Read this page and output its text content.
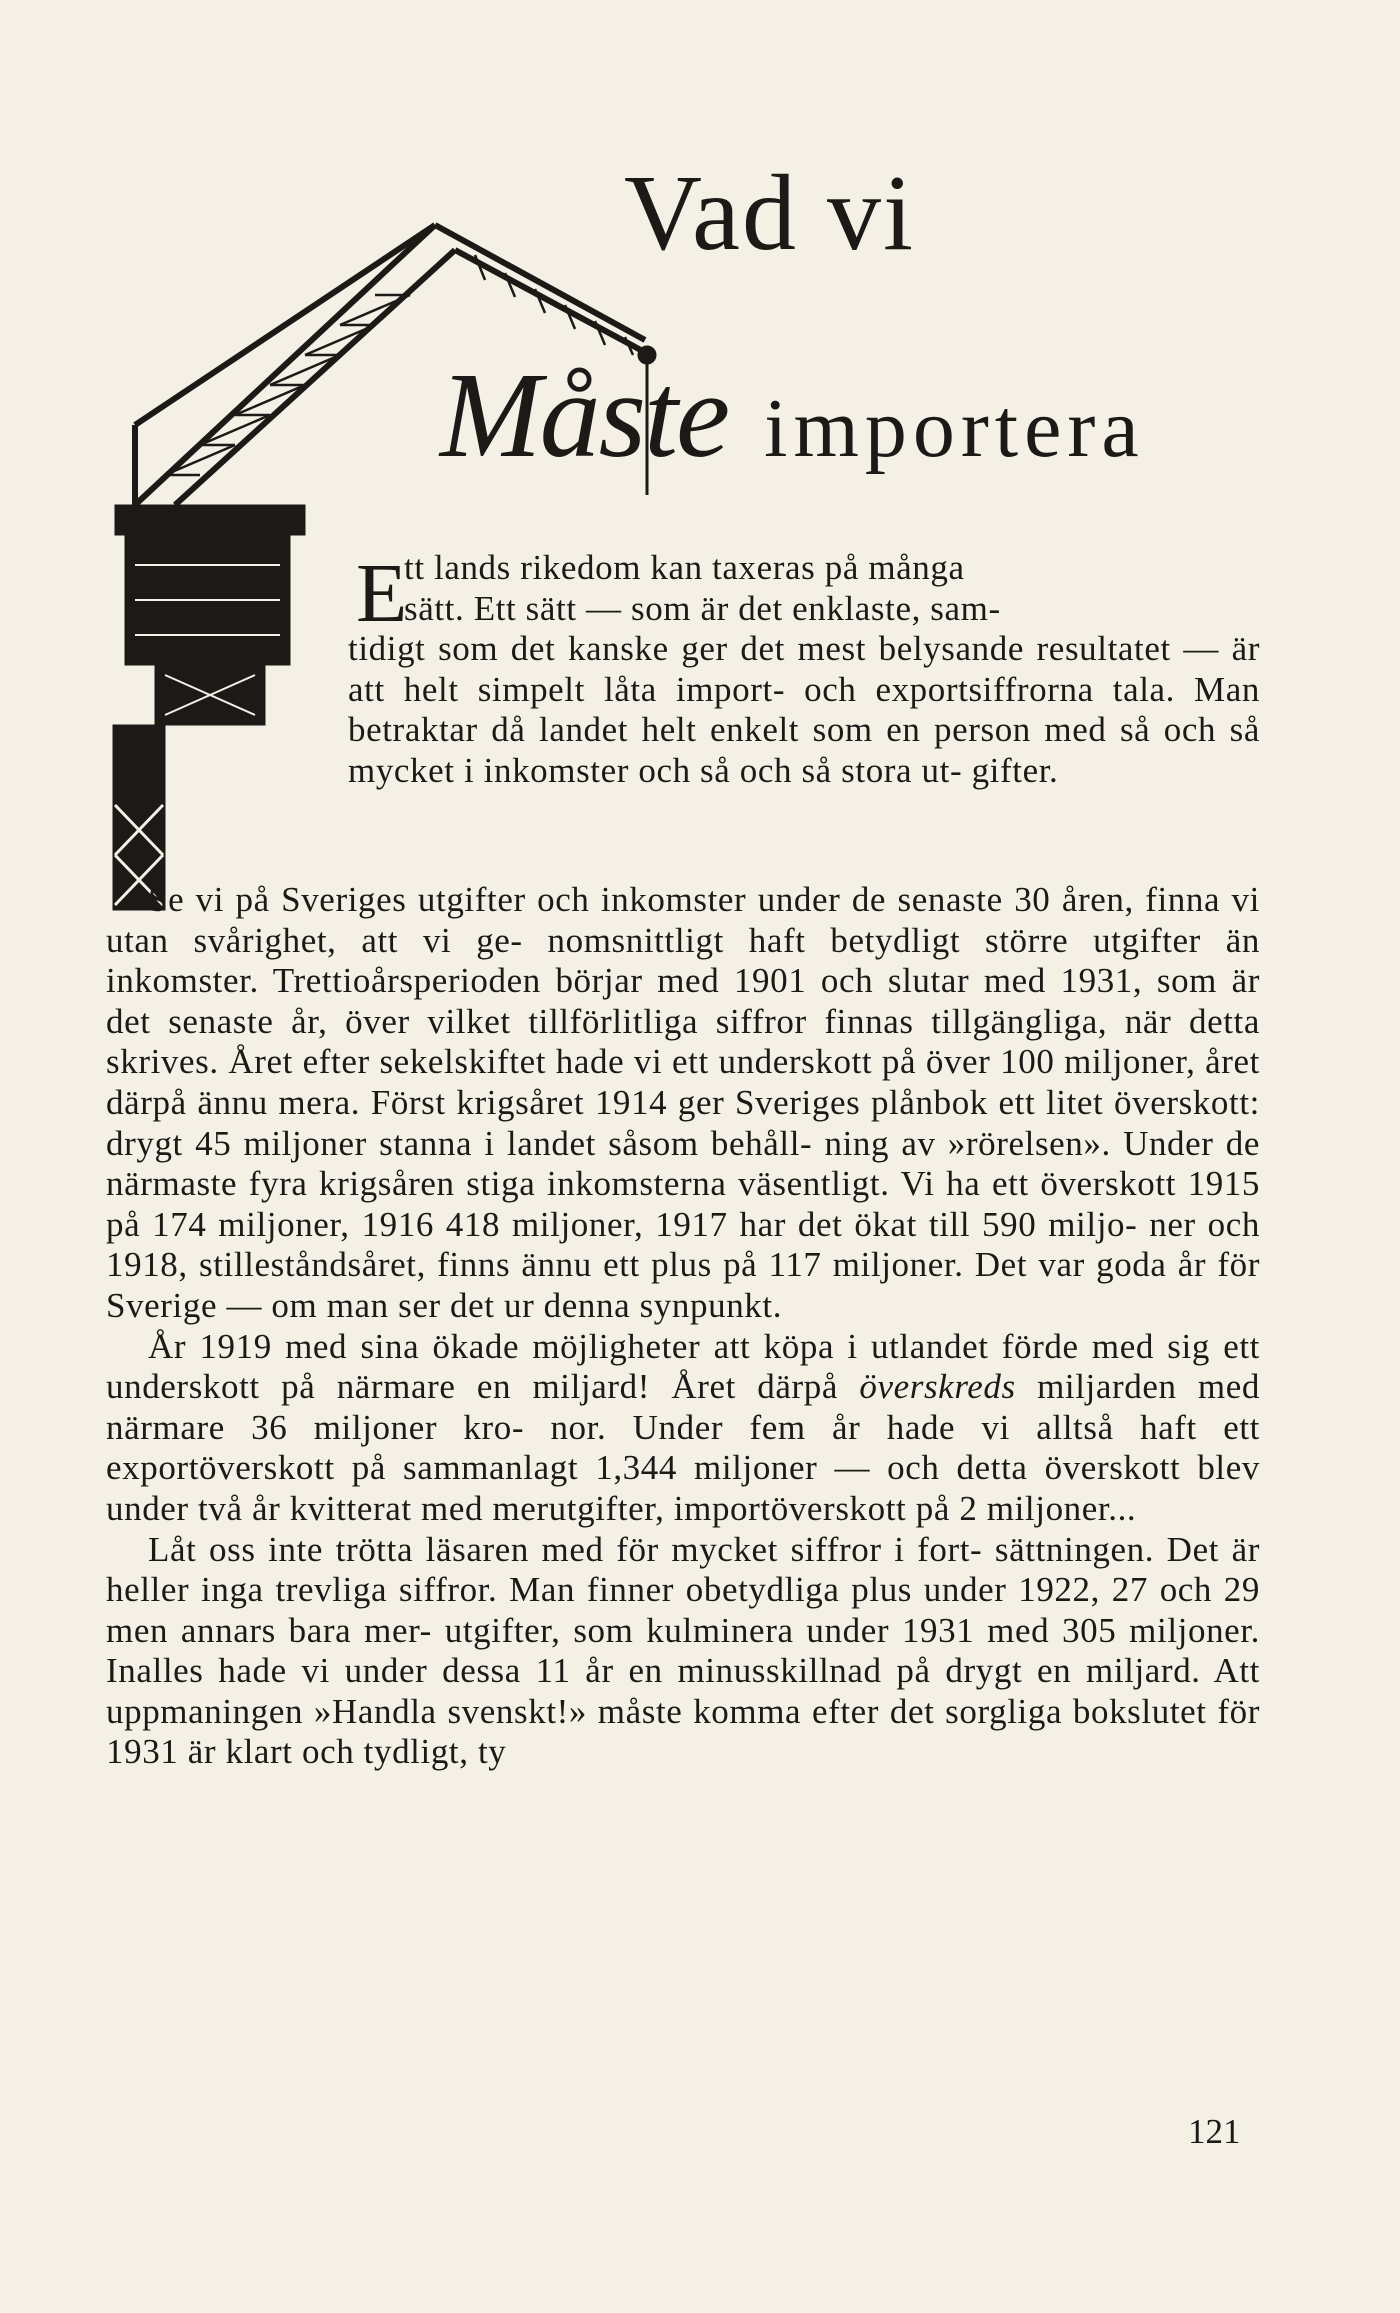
Vad vi
Måste importera
E
tt lands rikedom kan taxeras på många
sätt. Ett sätt — som är det enklaste, sam-
tidigt som det kanske ger det mest belysande resultatet — är att helt simpelt låta import- och exportsiffrorna tala. Man betraktar då landet helt enkelt som en person med så och så mycket i inkomster och så och så stora ut- gifter.

Se vi på Sveriges utgifter och inkomster under de senaste 30 åren, finna vi utan svårighet, att vi ge- nomsnittligt haft betydligt större utgifter än inkomster. Trettioårsperioden börjar med 1901 och slutar med 1931, som är det senaste år, över vilket tillförlitliga siffror finnas tillgängliga, när detta skrives. Året efter sekelskiftet hade vi ett underskott på över 100 miljoner, året därpå ännu mera. Först krigsåret 1914 ger Sveriges plånbok ett litet överskott: drygt 45 miljoner stanna i landet såsom behåll- ning av »rörelsen». Under de närmaste fyra krigsåren stiga inkomsterna väsentligt. Vi ha ett överskott 1915 på 174 miljoner, 1916 418 miljoner, 1917 har det ökat till 590 miljo- ner och 1918, stilleståndsåret, finns ännu ett plus på 117 miljoner. Det var goda år för Sverige — om man ser det ur denna synpunkt.

År 1919 med sina ökade möjligheter att köpa i utlandet förde med sig ett underskott på närmare en miljard! Året därpå överskreds miljarden med närmare 36 miljoner kro- nor. Under fem år hade vi alltså haft ett exportöverskott på sammanlagt 1,344 miljoner — och detta överskott blev under två år kvitterat med merutgifter, importöverskott på 2 miljoner...

Låt oss inte trötta läsaren med för mycket siffror i fort- sättningen. Det är heller inga trevliga siffror. Man finner obetydliga plus under 1922, 27 och 29 men annars bara mer- utgifter, som kulminera under 1931 med 305 miljoner. Inalles hade vi under dessa 11 år en minusskillnad på drygt en miljard. Att uppmaningen »Handla svenskt!» måste komma efter det sorgliga bokslutet för 1931 är klart och tydligt, ty

121
